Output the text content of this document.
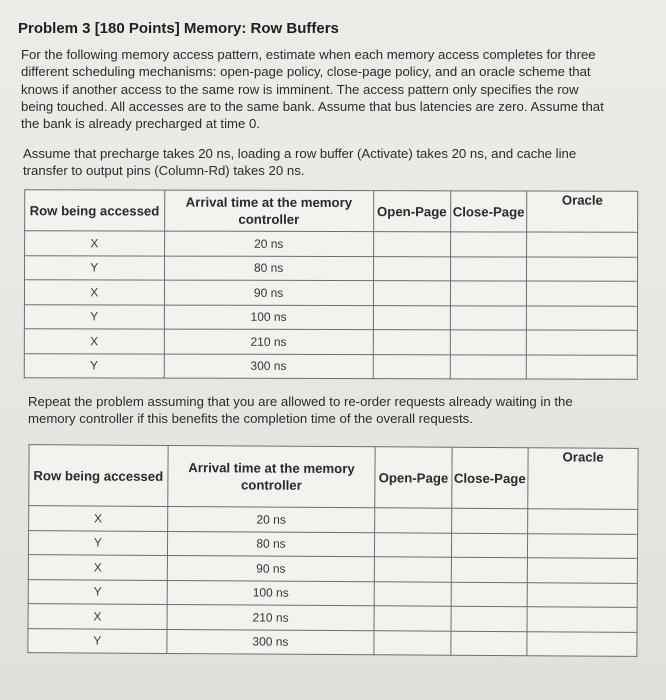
Problem 3 [180 Points] Memory: Row Buffers
For the following memory access pattern, estimate when each memory access completes for three different scheduling mechanisms: open-page policy, close-page policy, and an oracle scheme that knows if another access to the same row is imminent. The access pattern only specifies the row being touched. All accesses are to the same bank. Assume that bus latencies are zero. Assume that the bank is already precharged at time 0.
Assume that precharge takes 20 ns, loading a row buffer (Activate) takes 20 ns, and cache line transfer to output pins (Column-Rd) takes 20 ns.
Row being accessed	Arrival time at the memory controller	Open-Page	Close-Page	Oracle
X	20 ns			
Y	80 ns			
X	90 ns			
Y	100 ns			
X	210 ns			
Y	300 ns			
Repeat the problem assuming that you are allowed to re-order requests already waiting in the memory controller if this benefits the completion time of the overall requests.
Row being accessed	Arrival time at the memory controller	Open-Page	Close-Page	Oracle
X	20 ns			
Y	80 ns			
X	90 ns			
Y	100 ns			
X	210 ns			
Y	300 ns			
